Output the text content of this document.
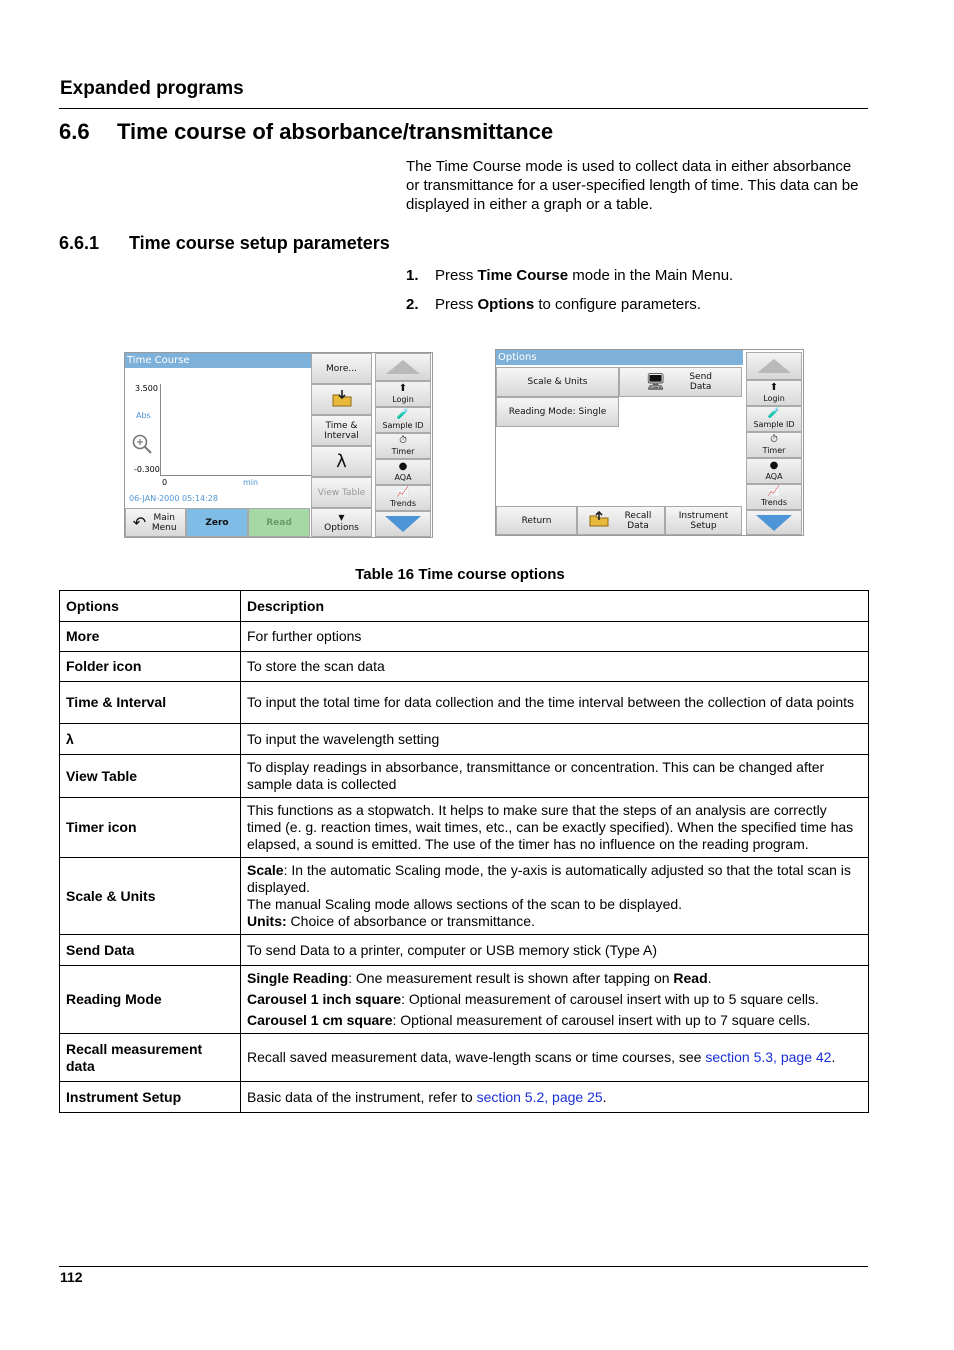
Expanded programs
6.6 Time course of absorbance/transmittance
The Time Course mode is used to collect data in either absorbance or transmittance for a user-specified length of time. This data can be displayed in either a graph or a table.
6.6.1 Time course setup parameters
1. Press Time Course mode in the Main Menu.
2. Press Options to configure parameters.
Time Course
3.500
Abs
-0.300
0	min
06-JAN-2000 05:14:28
More...
Time & Interval
λ
View Table
⬆
Login
🧪
Sample ID
⏱
Timer
●
AQA
📈
Trends
↶ Main Menu	Zero	Read
▼
Options
Options
Scale & Units	🖥	Send Data
Reading Mode: Single
⬆
Login
🧪
Sample ID
⏱
Timer
●
AQA
📈
Trends
Return	Recall Data
Instrument Setup
Table 16 Time course options
Options	Description
More	For further options
Folder icon	To store the scan data
Time & Interval	To input the total time for data collection and the time interval between the collection of data points
λ	To input the wavelength setting
View Table	To display readings in absorbance, transmittance or concentration. This can be changed after sample data is collected
Timer icon	This functions as a stopwatch. It helps to make sure that the steps of an analysis are correctly timed (e. g. reaction times, wait times, etc., can be exactly specified). When the specified time has elapsed, a sound is emitted. The use of the timer has no influence on the reading program.
Scale & Units	Scale: In the automatic Scaling mode, the y-axis is automatically adjusted so that the total scan is displayed.
The manual Scaling mode allows sections of the scan to be displayed.
Units: Choice of absorbance or transmittance.
Send Data	To send Data to a printer, computer or USB memory stick (Type A)
Reading Mode	Single Reading: One measurement result is shown after tapping on Read.

Carousel 1 inch square: Optional measurement of carousel insert with up to 5 square cells.

Carousel 1 cm square: Optional measurement of carousel insert with up to 7 square cells.

Recall measurement data	Recall saved measurement data, wave-length scans or time courses, see section 5.3, page 42.
Instrument Setup	Basic data of the instrument, refer to section 5.2, page 25.
112
